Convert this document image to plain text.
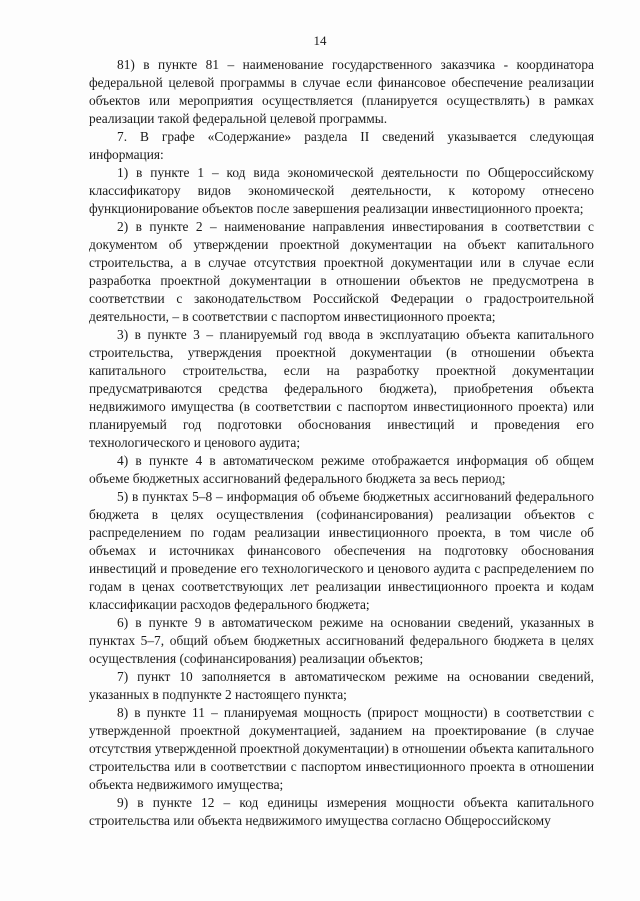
14

81) в пункте 81 – наименование государственного заказчика - координатора федеральной целевой программы в случае если финансовое обеспечение реализации объектов или мероприятия осуществляется (планируется осуществлять) в рамках реализации такой федеральной целевой программы.

7. В графе «Содержание» раздела II сведений указывается следующая информация:

1) в пункте 1 – код вида экономической деятельности по Общероссийскому классификатору видов экономической деятельности, к которому отнесено функционирование объектов после завершения реализации инвестиционного проекта;

2) в пункте 2 – наименование направления инвестирования в соответствии с документом об утверждении проектной документации на объект капитального строительства, а в случае отсутствия проектной документации или в случае если разработка проектной документации в отношении объектов не предусмотрена в соответствии с законодательством Российской Федерации о градостроительной деятельности, – в соответствии с паспортом инвестиционного проекта;

3) в пункте 3 – планируемый год ввода в эксплуатацию объекта капитального строительства, утверждения проектной документации (в отношении объекта капитального строительства, если на разработку проектной документации предусматриваются средства федерального бюджета), приобретения объекта недвижимого имущества (в соответствии с паспортом инвестиционного проекта) или планируемый год подготовки обоснования инвестиций и проведения его технологического и ценового аудита;

4) в пункте 4 в автоматическом режиме отображается информация об общем объеме бюджетных ассигнований федерального бюджета за весь период;

5) в пунктах 5–8 – информация об объеме бюджетных ассигнований федерального бюджета в целях осуществления (софинансирования) реализации объектов с распределением по годам реализации инвестиционного проекта, в том числе об объемах и источниках финансового обеспечения на подготовку обоснования инвестиций и проведение его технологического и ценового аудита с распределением по годам в ценах соответствующих лет реализации инвестиционного проекта и кодам классификации расходов федерального бюджета;

6) в пункте 9 в автоматическом режиме на основании сведений, указанных в пунктах 5–7, общий объем бюджетных ассигнований федерального бюджета в целях осуществления (софинансирования) реализации объектов;

7) пункт 10 заполняется в автоматическом режиме на основании сведений, указанных в подпункте 2 настоящего пункта;

8) в пункте 11 – планируемая мощность (прирост мощности) в соответствии с утвержденной проектной документацией, заданием на проектирование (в случае отсутствия утвержденной проектной документации) в отношении объекта капитального строительства или в соответствии с паспортом инвестиционного проекта в отношении объекта недвижимого имущества;

9) в пункте 12 – код единицы измерения мощности объекта капитального строительства или объекта недвижимого имущества согласно Общероссийскому
